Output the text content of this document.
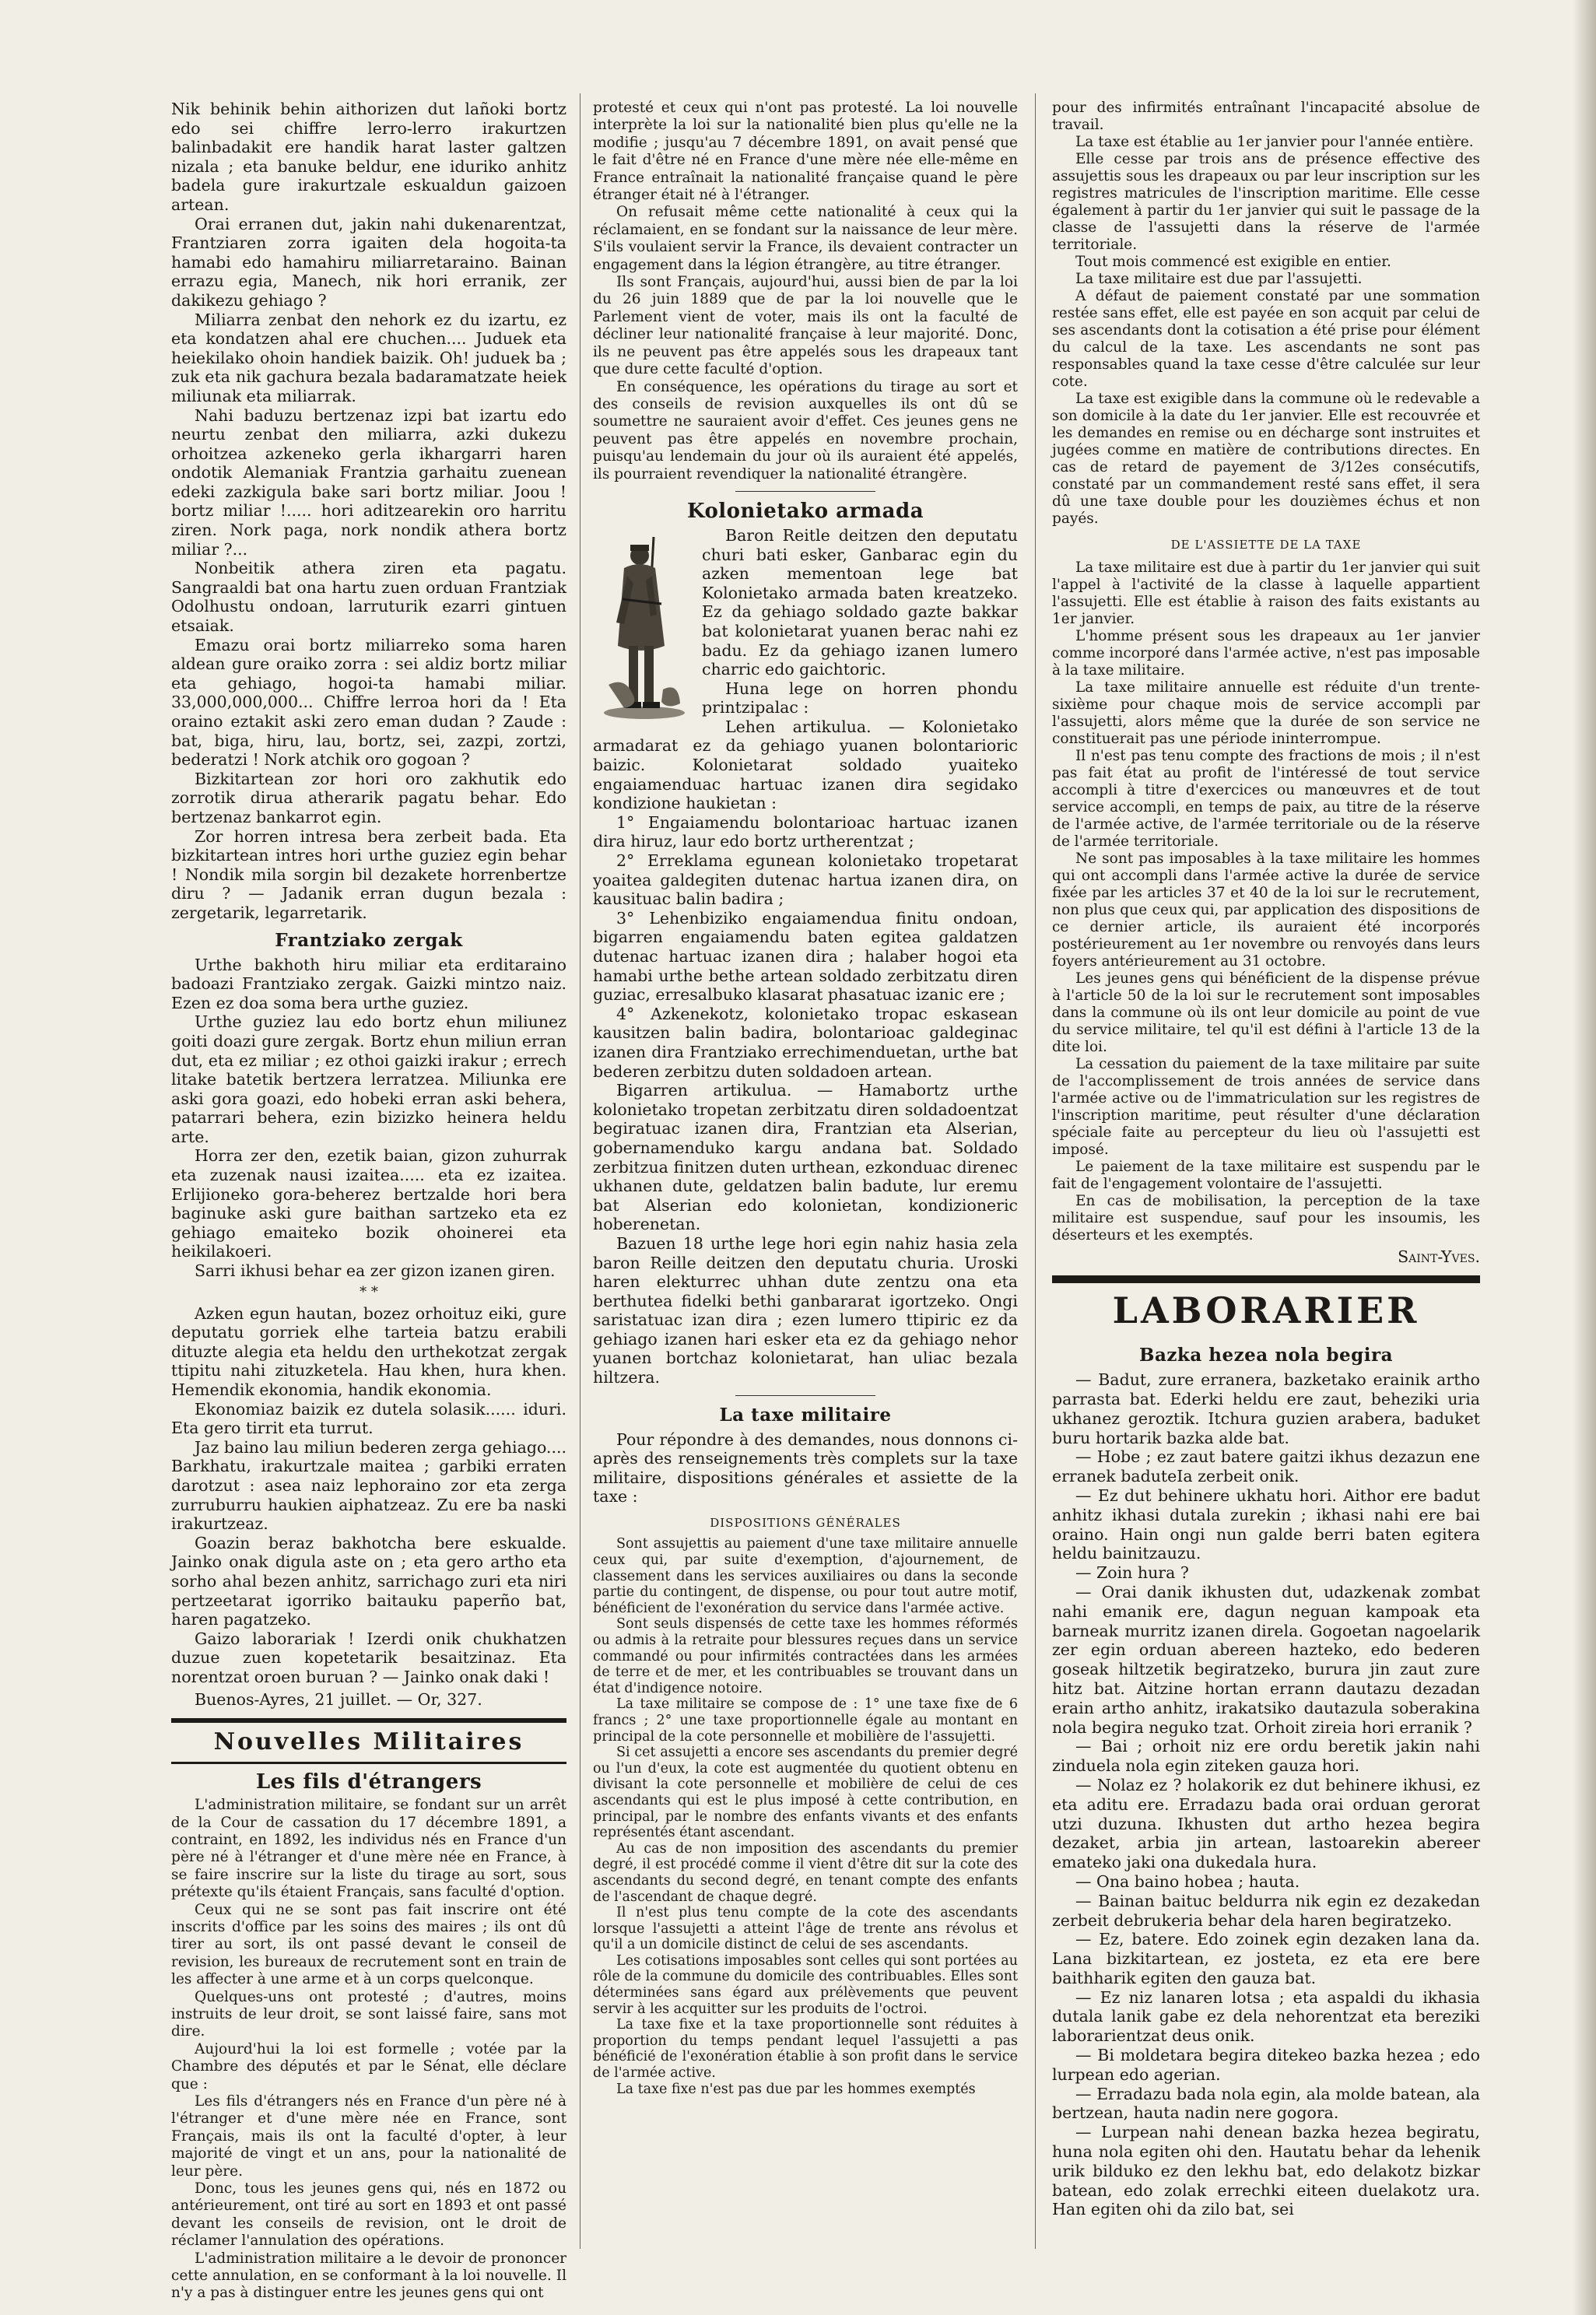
Nik behinik behin aithorizen dut lañoki bortz edo sei chiffre lerro-lerro irakurtzen balinbadakit ere handik harat laster galtzen nizala ; eta banuke beldur, ene iduriko anhitz badela gure irakurtzale eskualdun gaizoen artean.

Orai erranen dut, jakin nahi dukenarentzat, Frantziaren zorra igaiten dela hogoita-ta hamabi edo hamahiru miliarretaraino. Bainan errazu egia, Manech, nik hori erranik, zer dakikezu gehiago ?

Miliarra zenbat den nehork ez du izartu, ez eta kondatzen ahal ere chuchen.... Juduek eta heiekilako ohoin handiek baizik. Oh! juduek ba ; zuk eta nik gachura bezala badaramatzate heiek miliunak eta miliarrak.

Nahi baduzu bertzenaz izpi bat izartu edo neurtu zenbat den miliarra, azki dukezu orhoitzea azkeneko gerla ikhargarri haren ondotik Alemaniak Frantzia garhaitu zuenean edeki zazkigula bake sari bortz miliar. Joou ! bortz miliar !..... hori aditzearekin oro harritu ziren. Nork paga, nork nondik athera bortz miliar ?...

Nonbeitik athera ziren eta pagatu. Sangraaldi bat ona hartu zuen orduan Frantziak Odolhustu ondoan, larruturik ezarri gintuen etsaiak.

Emazu orai bortz miliarreko soma haren aldean gure oraiko zorra : sei aldiz bortz miliar eta gehiago, hogoi-ta hamabi miliar. 33,000,000,000... Chiffre lerroa hori da ! Eta oraino eztakit aski zero eman dudan ? Zaude : bat, biga, hiru, lau, bortz, sei, zazpi, zortzi, bederatzi ! Nork atchik oro gogoan ?

Bizkitartean zor hori oro zakhutik edo zorrotik dirua atherarik pagatu behar. Edo bertzenaz bankarrot egin.

Zor horren intresa bera zerbeit bada. Eta bizkitartean intres hori urthe guziez egin behar ! Nondik mila sorgin bil dezakete horrenbertze diru ? — Jadanik erran dugun bezala : zergetarik, legarretarik.

Frantziako zergak

Urthe bakhoth hiru miliar eta erditaraino badoazi Frantziako zergak. Gaizki mintzo naiz. Ezen ez doa soma bera urthe guziez.

Urthe guziez lau edo bortz ehun miliunez goiti doazi gure zergak. Bortz ehun miliun erran dut, eta ez miliar ; ez othoi gaizki irakur ; errech litake batetik bertzera lerratzea. Miliunka ere aski gora goazi, edo hobeki erran aski behera, patarrari behera, ezin bizizko heinera heldu arte.

Horra zer den, ezetik baian, gizon zuhurrak eta zuzenak nausi izaitea..... eta ez izaitea. Erlijioneko gora-beherez bertzalde hori bera baginuke aski gure baithan sartzeko eta ez gehiago emaiteko bozik ohoinerei eta heikilakoeri.

Sarri ikhusi behar ea zer gizon izanen giren.

* *

Azken egun hautan, bozez orhoituz eiki, gure deputatu gorriek elhe tarteia batzu erabili dituzte alegia eta heldu den urthekotzat zergak ttipitu nahi zituzketela. Hau khen, hura khen. Hemendik ekonomia, handik ekonomia.

Ekonomiaz baizik ez dutela solasik...... iduri. Eta gero tirrit eta turrut.

Jaz baino lau miliun bederen zerga gehiago.... Barkhatu, irakurtzale maitea ; garbiki erraten darotzut : asea naiz lephoraino zor eta zerga zurruburru haukien aiphatzeaz. Zu ere ba naski irakurtzeaz.

Goazin beraz bakhotcha bere eskualde. Jainko onak digula aste on ; eta gero artho eta sorho ahal bezen anhitz, sarrichago zuri eta niri pertzeetarat igorriko baitauku paperño bat, haren pagatzeko.

Gaizo laborariak ! Izerdi onik chukhatzen duzue zuen kopetetarik besaitzinaz. Eta norentzat oroen buruan ? — Jainko onak daki !

Buenos-Ayres, 21 juillet. — Or, 327.

Nouvelles Militaires
Les fils d'étrangers

L'administration militaire, se fondant sur un arrêt de la Cour de cassation du 17 décembre 1891, a contraint, en 1892, les individus nés en France d'un père né à l'étranger et d'une mère née en France, à se faire inscrire sur la liste du tirage au sort, sous prétexte qu'ils étaient Français, sans faculté d'option.

Ceux qui ne se sont pas fait inscrire ont été inscrits d'office par les soins des maires ; ils ont dû tirer au sort, ils ont passé devant le conseil de revision, les bureaux de recrutement sont en train de les affecter à une arme et à un corps quelconque.

Quelques-uns ont protesté ; d'autres, moins instruits de leur droit, se sont laissé faire, sans mot dire.

Aujourd'hui la loi est formelle ; votée par la Chambre des députés et par le Sénat, elle déclare que :

Les fils d'étrangers nés en France d'un père né à l'étranger et d'une mère née en France, sont Français, mais ils ont la faculté d'opter, à leur majorité de vingt et un ans, pour la nationalité de leur père.

Donc, tous les jeunes gens qui, nés en 1872 ou antérieurement, ont tiré au sort en 1893 et ont passé devant les conseils de revision, ont le droit de réclamer l'annulation des opérations.

L'administration militaire a le devoir de prononcer cette annulation, en se conformant à la loi nouvelle. Il n'y a pas à distinguer entre les jeunes gens qui ont

protesté et ceux qui n'ont pas protesté. La loi nouvelle interprète la loi sur la nationalité bien plus qu'elle ne la modifie ; jusqu'au 7 décembre 1891, on avait pensé que le fait d'être né en France d'une mère née elle-même en France entraînait la nationalité française quand le père étranger était né à l'étranger.

On refusait même cette nationalité à ceux qui la réclamaient, en se fondant sur la naissance de leur mère. S'ils voulaient servir la France, ils devaient contracter un engagement dans la légion étrangère, au titre étranger.

Ils sont Français, aujourd'hui, aussi bien de par la loi du 26 juin 1889 que de par la loi nouvelle que le Parlement vient de voter, mais ils ont la faculté de décliner leur nationalité française à leur majorité. Donc, ils ne peuvent pas être appelés sous les drapeaux tant que dure cette faculté d'option.

En conséquence, les opérations du tirage au sort et des conseils de revision auxquelles ils ont dû se soumettre ne sauraient avoir d'effet. Ces jeunes gens ne peuvent pas être appelés en novembre prochain, puisqu'au lendemain du jour où ils auraient été appelés, ils pourraient revendiquer la nationalité étrangère.

Kolonietako armada

Baron Reitle deitzen den deputatu churi bati esker, Ganbarac egin du azken mementoan lege bat Kolonietako armada baten kreatzeko. Ez da gehiago soldado gazte bakkar bat kolonietarat yuanen berac nahi ez badu. Ez da gehiago izanen lumero charric edo gaichtoric.

Huna lege on horren phondu printzipalac :

Lehen artikulua. — Kolonietako armadarat ez da gehiago yuanen bolontarioric baizic. Kolonietarat soldado yuaiteko engaiamenduac hartuac izanen dira segidako kondizione haukietan :

1° Engaiamendu bolontarioac hartuac izanen dira hiruz, laur edo bortz urtherentzat ;

2° Erreklama egunean kolonietako tropetarat yoaitea galdegiten dutenac hartua izanen dira, on kausituac balin badira ;

3° Lehenbiziko engaiamendua finitu ondoan, bigarren engaiamendu baten egitea galdatzen dutenac hartuac izanen dira ; halaber hogoi eta hamabi urthe bethe artean soldado zerbitzatu diren guziac, erresalbuko klasarat phasatuac izanic ere ;

4° Azkenekotz, kolonietako tropac eskasean kausitzen balin badira, bolontarioac galdeginac izanen dira Frantziako errechimenduetan, urthe bat bederen zerbitzu duten soldadoen artean.

Bigarren artikulua. — Hamabortz urthe kolonietako tropetan zerbitzatu diren soldadoentzat begiratuac izanen dira, Frantzian eta Alserian, gobernamenduko kargu andana bat. Soldado zerbitzua finitzen duten urthean, ezkonduac direnec ukhanen dute, geldatzen balin badute, lur eremu bat Alserian edo kolonietan, kondizioneric hoberenetan.

Bazuen 18 urthe lege hori egin nahiz hasia zela baron Reille deitzen den deputatu churia. Uroski haren elekturrec uhhan dute zentzu ona eta berthutea fidelki bethi ganbararat igortzeko. Ongi saristatuac izan dira ; ezen lumero ttipiric ez da gehiago izanen hari esker eta ez da gehiago nehor yuanen bortchaz kolonietarat, han uliac bezala hiltzera.

La taxe militaire

Pour répondre à des demandes, nous donnons ci-après des renseignements très complets sur la taxe militaire, dispositions générales et assiette de la taxe :

DISPOSITIONS GÉNÉRALES

Sont assujettis au paiement d'une taxe militaire annuelle ceux qui, par suite d'exemption, d'ajournement, de classement dans les services auxiliaires ou dans la seconde partie du contingent, de dispense, ou pour tout autre motif, bénéficient de l'exonération du service dans l'armée active.

Sont seuls dispensés de cette taxe les hommes réformés ou admis à la retraite pour blessures reçues dans un service commandé ou pour infirmités contractées dans les armées de terre et de mer, et les contribuables se trouvant dans un état d'indigence notoire.

La taxe militaire se compose de : 1° une taxe fixe de 6 francs ; 2° une taxe proportionnelle égale au montant en principal de la cote personnelle et mobilière de l'assujetti.

Si cet assujetti a encore ses ascendants du premier degré ou l'un d'eux, la cote est augmentée du quotient obtenu en divisant la cote personnelle et mobilière de celui de ces ascendants qui est le plus imposé à cette contribution, en principal, par le nombre des enfants vivants et des enfants représentés étant ascendant.

Au cas de non imposition des ascendants du premier degré, il est procédé comme il vient d'être dit sur la cote des ascendants du second degré, en tenant compte des enfants de l'ascendant de chaque degré.

Il n'est plus tenu compte de la cote des ascendants lorsque l'assujetti a atteint l'âge de trente ans révolus et qu'il a un domicile distinct de celui de ses ascendants.

Les cotisations imposables sont celles qui sont portées au rôle de la commune du domicile des contribuables. Elles sont déterminées sans égard aux prélèvements que peuvent servir à les acquitter sur les produits de l'octroi.

La taxe fixe et la taxe proportionnelle sont réduites à proportion du temps pendant lequel l'assujetti a pas bénéficié de l'exonération établie à son profit dans le service de l'armée active.

La taxe fixe n'est pas due par les hommes exemptés

pour des infirmités entraînant l'incapacité absolue de travail.

La taxe est établie au 1er janvier pour l'année entière.

Elle cesse par trois ans de présence effective des assujettis sous les drapeaux ou par leur inscription sur les registres matricules de l'inscription maritime. Elle cesse également à partir du 1er janvier qui suit le passage de la classe de l'assujetti dans la réserve de l'armée territoriale.

Tout mois commencé est exigible en entier.

La taxe militaire est due par l'assujetti.

A défaut de paiement constaté par une sommation restée sans effet, elle est payée en son acquit par celui de ses ascendants dont la cotisation a été prise pour élément du calcul de la taxe. Les ascendants ne sont pas responsables quand la taxe cesse d'être calculée sur leur cote.

La taxe est exigible dans la commune où le redevable a son domicile à la date du 1er janvier. Elle est recouvrée et les demandes en remise ou en décharge sont instruites et jugées comme en matière de contributions directes. En cas de retard de payement de 3/12es consécutifs, constaté par un commandement resté sans effet, il sera dû une taxe double pour les douzièmes échus et non payés.

DE L'ASSIETTE DE LA TAXE

La taxe militaire est due à partir du 1er janvier qui suit l'appel à l'activité de la classe à laquelle appartient l'assujetti. Elle est établie à raison des faits existants au 1er janvier.

L'homme présent sous les drapeaux au 1er janvier comme incorporé dans l'armée active, n'est pas imposable à la taxe militaire.

La taxe militaire annuelle est réduite d'un trente-sixième pour chaque mois de service accompli par l'assujetti, alors même que la durée de son service ne constituerait pas une période ininterrompue.

Il n'est pas tenu compte des fractions de mois ; il n'est pas fait état au profit de l'intéressé de tout service accompli à titre d'exercices ou manœuvres et de tout service accompli, en temps de paix, au titre de la réserve de l'armée active, de l'armée territoriale ou de la réserve de l'armée territoriale.

Ne sont pas imposables à la taxe militaire les hommes qui ont accompli dans l'armée active la durée de service fixée par les articles 37 et 40 de la loi sur le recrutement, non plus que ceux qui, par application des dispositions de ce dernier article, ils auraient été incorporés postérieurement au 1er novembre ou renvoyés dans leurs foyers antérieurement au 31 octobre.

Les jeunes gens qui bénéficient de la dispense prévue à l'article 50 de la loi sur le recrutement sont imposables dans la commune où ils ont leur domicile au point de vue du service militaire, tel qu'il est défini à l'article 13 de la dite loi.

La cessation du paiement de la taxe militaire par suite de l'accomplissement de trois années de service dans l'armée active ou de l'immatriculation sur les registres de l'inscription maritime, peut résulter d'une déclaration spéciale faite au percepteur du lieu où l'assujetti est imposé.

Le paiement de la taxe militaire est suspendu par le fait de l'engagement volontaire de l'assujetti.

En cas de mobilisation, la perception de la taxe militaire est suspendue, sauf pour les insoumis, les déserteurs et les exemptés.

Saint-Yves.
LABORARIER
Bazka hezea nola begira

— Badut, zure erranera, bazketako erainik artho parrasta bat. Ederki heldu ere zaut, beheziki uria ukhanez geroztik. Itchura guzien arabera, baduket buru hortarik bazka alde bat.

— Hobe ; ez zaut batere gaitzi ikhus dezazun ene erranek baduteIa zerbeit onik.

— Ez dut behinere ukhatu hori. Aithor ere badut anhitz ikhasi dutala zurekin ; ikhasi nahi ere bai oraino. Hain ongi nun galde berri baten egitera heldu bainitzauzu.

— Zoin hura ?

— Orai danik ikhusten dut, udazkenak zombat nahi emanik ere, dagun neguan kampoak eta barneak murritz izanen direla. Gogoetan nagoelarik zer egin orduan abereen hazteko, edo bederen goseak hiltzetik begiratzeko, burura jin zaut zure hitz bat. Aitzine hortan errann dautazu dezadan erain artho anhitz, irakatsiko dautazula soberakina nola begira neguko tzat. Orhoit zireia hori erranik ?

— Bai ; orhoit niz ere ordu beretik jakin nahi zinduela nola egin ziteken gauza hori.

— Nolaz ez ? holakorik ez dut behinere ikhusi, ez eta aditu ere. Erradazu bada orai orduan gerorat utzi duzuna. Ikhusten dut artho hezea begira dezaket, arbia jin artean, lastoarekin abereer emateko jaki ona dukedala hura.

— Ona baino hobea ; hauta.

— Bainan baituc beldurra nik egin ez dezakedan zerbeit debrukeria behar dela haren begiratzeko.

— Ez, batere. Edo zoinek egin dezaken lana da. Lana bizkitartean, ez josteta, ez eta ere bere baithharik egiten den gauza bat.

— Ez niz lanaren lotsa ; eta aspaldi du ikhasia dutala lanik gabe ez dela nehorentzat eta bereziki laborarientzat deus onik.

— Bi moldetara begira ditekeo bazka hezea ; edo lurpean edo agerian.

— Erradazu bada nola egin, ala molde batean, ala bertzean, hauta nadin nere gogora.

— Lurpean nahi denean bazka hezea begiratu, huna nola egiten ohi den. Hautatu behar da lehenik urik bilduko ez den lekhu bat, edo delakotz bizkar batean, edo zolak errechki eiteen duelakotz ura. Han egiten ohi da zilo bat, sei
